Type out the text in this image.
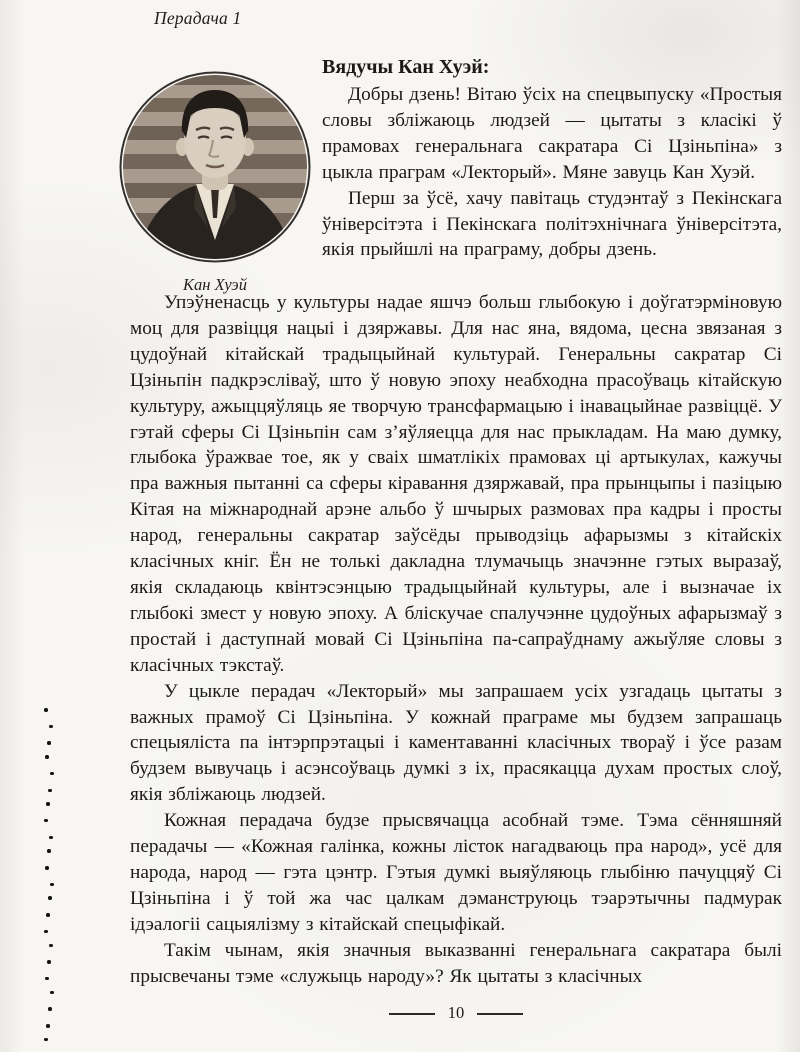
Перадача 1
Кан Хуэй

Вядучы Кан Хуэй:

Добры дзень! Вітаю ўсіх на спецвыпуску «Простыя словы збліжаюць людзей — цытаты з класікі ў прамовах генеральнага сакратара Сі Цзіньпіна» з цыкла праграм «Лекторый». Мяне завуць Кан Хуэй.

Перш за ўсё, хачу павітаць студэнтаў з Пекінскага ўніверсітэта і Пекінскага політэхнічнага ўніверсітэта, якія прыйшлі на праграму, добры дзень.

Упэўненасць у культуры надае яшчэ больш глыбокую і доўгатэрміновую моц для развіцця нацыі і дзяржавы. Для нас яна, вядома, цесна звязаная з цудоўнай кітайскай традыцыйнай культурай. Генеральны сакратар Сі Цзіньпін падкрэсліваў, што ў новую эпоху неабходна прасоўваць кітайскую культуру, ажыццяўляць яе творчую трансфармацыю і інавацыйнае развіццё. У гэтай сферы Сі Цзіньпін сам з’яўляецца для нас прыкладам. На маю думку, глыбока ўражвае тое, як у сваіх шматлікіх прамовах ці артыкулах, кажучы пра важныя пытанні са сферы кіравання дзяржавай, пра прынцыпы і пазіцыю Кітая на міжнароднай арэне альбо ў шчырых размовах пра кадры і просты народ, генеральны сакратар заўсёды прыводзіць афарызмы з кітайскіх класічных кніг. Ён не толькі дакладна тлумачыць значэнне гэтых выразаў, якія складаюць квінтэсэнцыю традыцыйнай культуры, але і вызначае іх глыбокі змест у новую эпоху. А бліскучае спалучэнне цудоўных афарызмаў з простай і даступнай мовай Сі Цзіньпіна па-сапраўднаму ажыўляе словы з класічных тэкстаў.

У цыкле перадач «Лекторый» мы запрашаем усіх узгадаць цытаты з важных прамоў Сі Цзіньпіна. У кожнай праграме мы будзем запрашаць спецыяліста па інтэрпрэтацыі і каментаванні класічных твораў і ўсе разам будзем вывучаць і асэнсоўваць думкі з іх, прасякацца духам простых слоў, якія збліжаюць людзей.

Кожная перадача будзе прысвячацца асобнай тэме. Тэма сённяшняй перадачы — «Кожная галінка, кожны лісток нагадваюць пра народ», усё для народа, народ — гэта цэнтр. Гэтыя думкі выяўляюць глыбіню пачуццяў Сі Цзіньпіна і ў той жа час цалкам дэманструюць тэарэтычны падмурак ідэалогіі сацыялізму з кітайскай спецыфікай.

Такім чынам, якія значныя выказванні генеральнага сакратара былі прысвечаны тэме «служыць народу»? Як цытаты з класічных

10
